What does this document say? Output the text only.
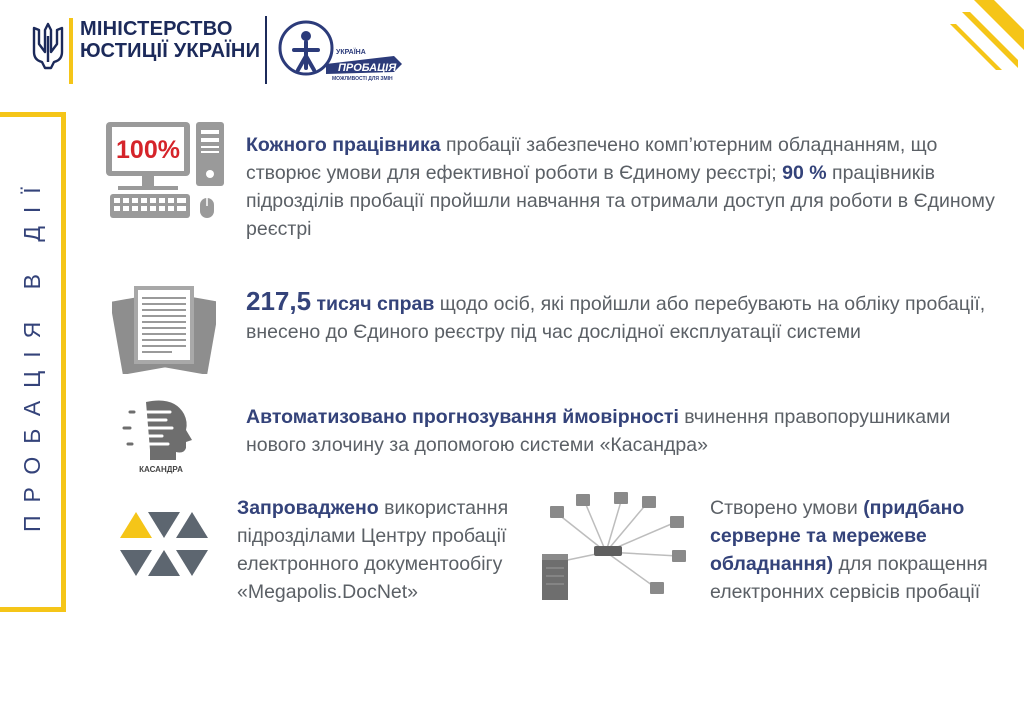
МІНІСТЕРСТВО
ЮСТИЦІЇ УКРАЇНИ	УКРАЇНА
ПРОБАЦІЯ
МОЖЛИВОСТІ ДЛЯ ЗМІН
ПРОБАЦІЯ В ДІЇ
100%
КАСАНДРА
Кожного працівника пробації забезпечено комп’ютерним обладнанням, що створює умови для ефективної роботи в Єдиному реєстрі; 90 % працівників підрозділів пробації пройшли навчання та отримали доступ для роботи в Єдиному реєстрі
217,5 тисяч справ щодо осіб, які пройшли або перебувають на обліку пробації, внесено до Єдиного реєстру під час дослідної експлуатації системи
Автоматизовано прогнозування ймовірності вчинення правопорушниками нового злочину за допомогою системи «Касандра»
Запроваджено використання підрозділами Центру пробації електронного документообігу «Megapolis.DocNet»
Створено умови (придбано серверне та мережеве обладнання) для покращення електронних сервісів пробації
